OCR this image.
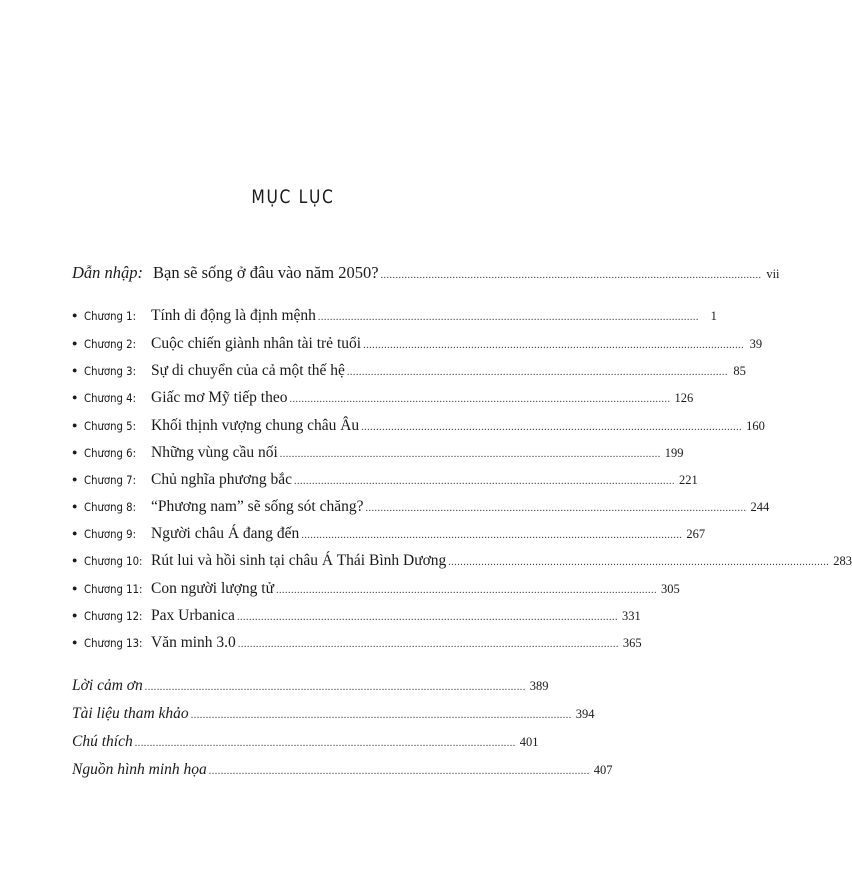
MỤC LỤC
Dẫn nhập: Bạn sẽ sống ở đâu vào năm 2050? ............................................................................................................................... vii
● Chương 1: Tính di động là định mệnh ............................................................................................................................... 1
● Chương 2: Cuộc chiến giành nhân tài trẻ tuổi ............................................................................................................................... 39
● Chương 3: Sự di chuyển của cả một thế hệ ............................................................................................................................... 85
● Chương 4: Giấc mơ Mỹ tiếp theo ............................................................................................................................... 126
● Chương 5: Khối thịnh vượng chung châu Âu ............................................................................................................................... 160
● Chương 6: Những vùng cầu nối ............................................................................................................................... 199
● Chương 7: Chủ nghĩa phương bắc ............................................................................................................................... 221
● Chương 8: “Phương nam” sẽ sống sót chăng? ............................................................................................................................... 244
● Chương 9: Người châu Á đang đến ............................................................................................................................... 267
● Chương 10: Rút lui và hồi sinh tại châu Á Thái Bình Dương ............................................................................................................................... 283
● Chương 11: Con người lượng tử ............................................................................................................................... 305
● Chương 12: Pax Urbanica ............................................................................................................................... 331
● Chương 13: Văn minh 3.0 ............................................................................................................................... 365
Lời cảm ơn ............................................................................................................................... 389
Tài liệu tham khảo ............................................................................................................................... 394
Chú thích ............................................................................................................................... 401
Nguồn hình minh họa ............................................................................................................................... 407
